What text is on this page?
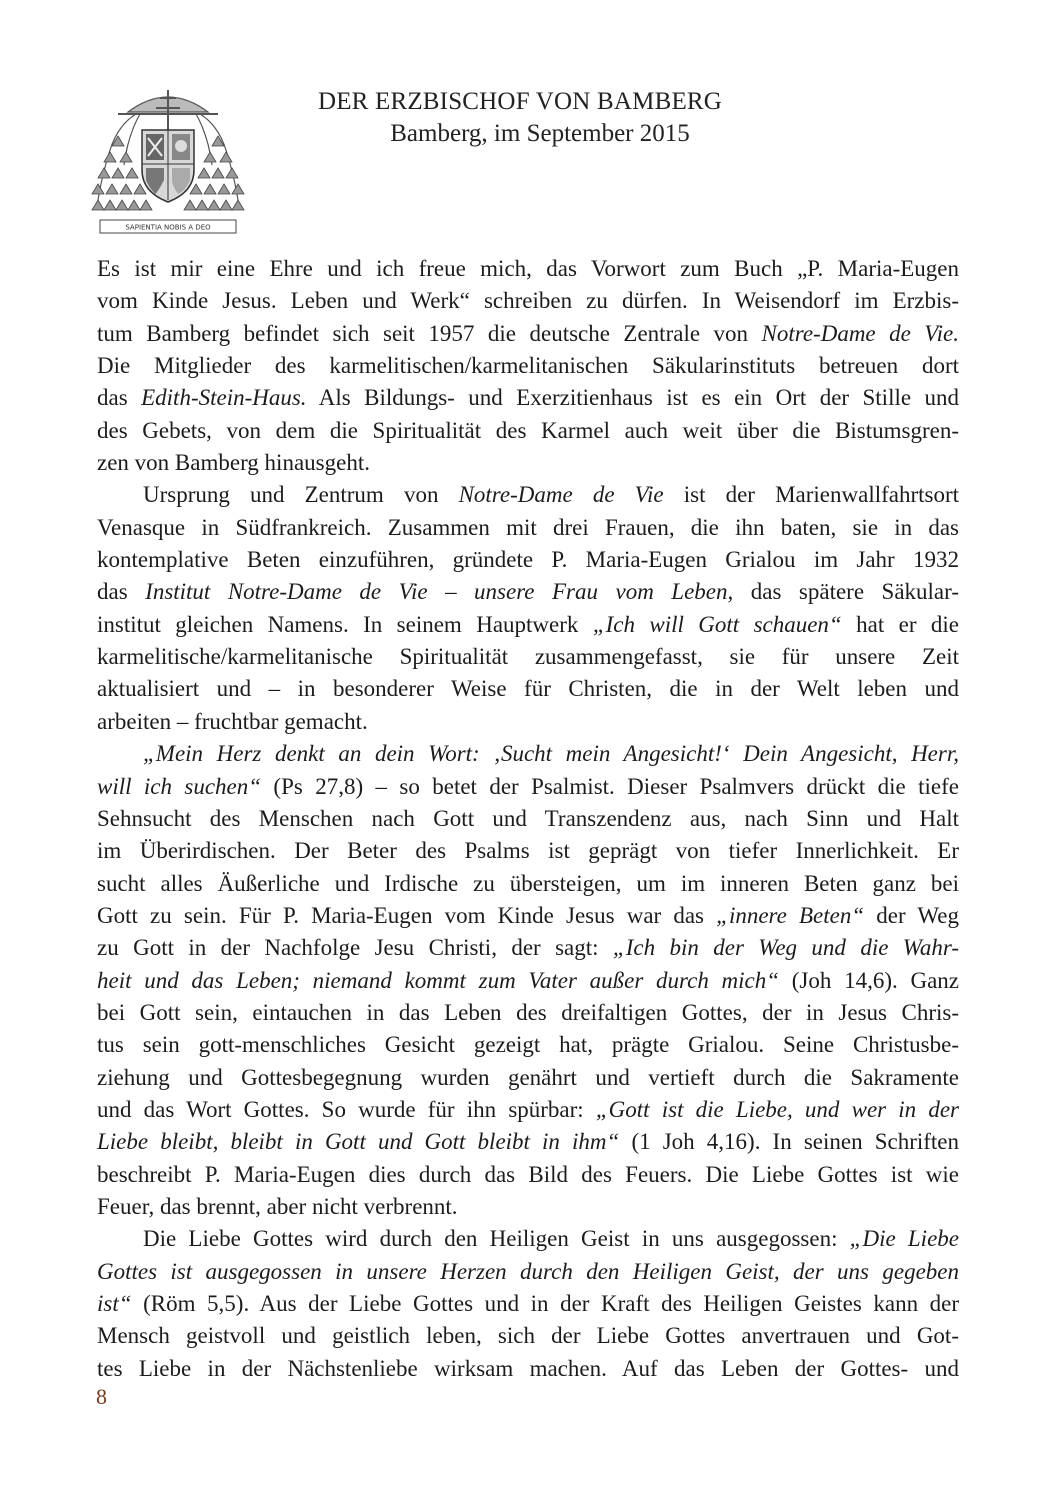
SAPIENTIA NOBIS A DEO
DER ERZBISCHOF VON BAMBERG
Bamberg, im September 2015
Es ist mir eine Ehre und ich freue mich, das Vorwort zum Buch „P. Maria-Eugen
vom Kinde Jesus. Leben und Werk“ schreiben zu dürfen. In Weisendorf im Erzbis-
tum Bamberg befindet sich seit 1957 die deutsche Zentrale von Notre-Dame de Vie.
Die Mitglieder des karmelitischen/karmelitanischen Säkularinstituts betreuen dort
das Edith-Stein-Haus. Als Bildungs- und Exerzitienhaus ist es ein Ort der Stille und
des Gebets, von dem die Spiritualität des Karmel auch weit über die Bistumsgren-
zen von Bamberg hinausgeht.
Ursprung und Zentrum von Notre-Dame de Vie ist der Marienwallfahrtsort
Venasque in Südfrankreich. Zusammen mit drei Frauen, die ihn baten, sie in das
kontemplative Beten einzuführen, gründete P. Maria-Eugen Grialou im Jahr 1932
das Institut Notre-Dame de Vie – unsere Frau vom Leben, das spätere Säkular-
institut gleichen Namens. In seinem Hauptwerk „Ich will Gott schauen“ hat er die
karmelitische/karmelitanische Spiritualität zusammengefasst, sie für unsere Zeit
aktualisiert und – in besonderer Weise für Christen, die in der Welt leben und
arbeiten – fruchtbar gemacht.
„Mein Herz denkt an dein Wort: ‚Sucht mein Angesicht!‘ Dein Angesicht, Herr,
will ich suchen“ (Ps 27,8) – so betet der Psalmist. Dieser Psalmvers drückt die tiefe
Sehnsucht des Menschen nach Gott und Transzendenz aus, nach Sinn und Halt
im Überirdischen. Der Beter des Psalms ist geprägt von tiefer Innerlichkeit. Er
sucht alles Äußerliche und Irdische zu übersteigen, um im inneren Beten ganz bei
Gott zu sein. Für P. Maria-Eugen vom Kinde Jesus war das „innere Beten“ der Weg
zu Gott in der Nachfolge Jesu Christi, der sagt: „Ich bin der Weg und die Wahr-
heit und das Leben; niemand kommt zum Vater außer durch mich“ (Joh 14,6). Ganz
bei Gott sein, eintauchen in das Leben des dreifaltigen Gottes, der in Jesus Chris-
tus sein gott-menschliches Gesicht gezeigt hat, prägte Grialou. Seine Christusbe-
ziehung und Gottesbegegnung wurden genährt und vertieft durch die Sakramente
und das Wort Gottes. So wurde für ihn spürbar: „Gott ist die Liebe, und wer in der
Liebe bleibt, bleibt in Gott und Gott bleibt in ihm“ (1 Joh 4,16). In seinen Schriften
beschreibt P. Maria-Eugen dies durch das Bild des Feuers. Die Liebe Gottes ist wie
Feuer, das brennt, aber nicht verbrennt.
Die Liebe Gottes wird durch den Heiligen Geist in uns ausgegossen: „Die Liebe
Gottes ist ausgegossen in unsere Herzen durch den Heiligen Geist, der uns gegeben
ist“ (Röm 5,5). Aus der Liebe Gottes und in der Kraft des Heiligen Geistes kann der
Mensch geistvoll und geistlich leben, sich der Liebe Gottes anvertrauen und Got-
tes Liebe in der Nächstenliebe wirksam machen. Auf das Leben der Gottes- und
8
